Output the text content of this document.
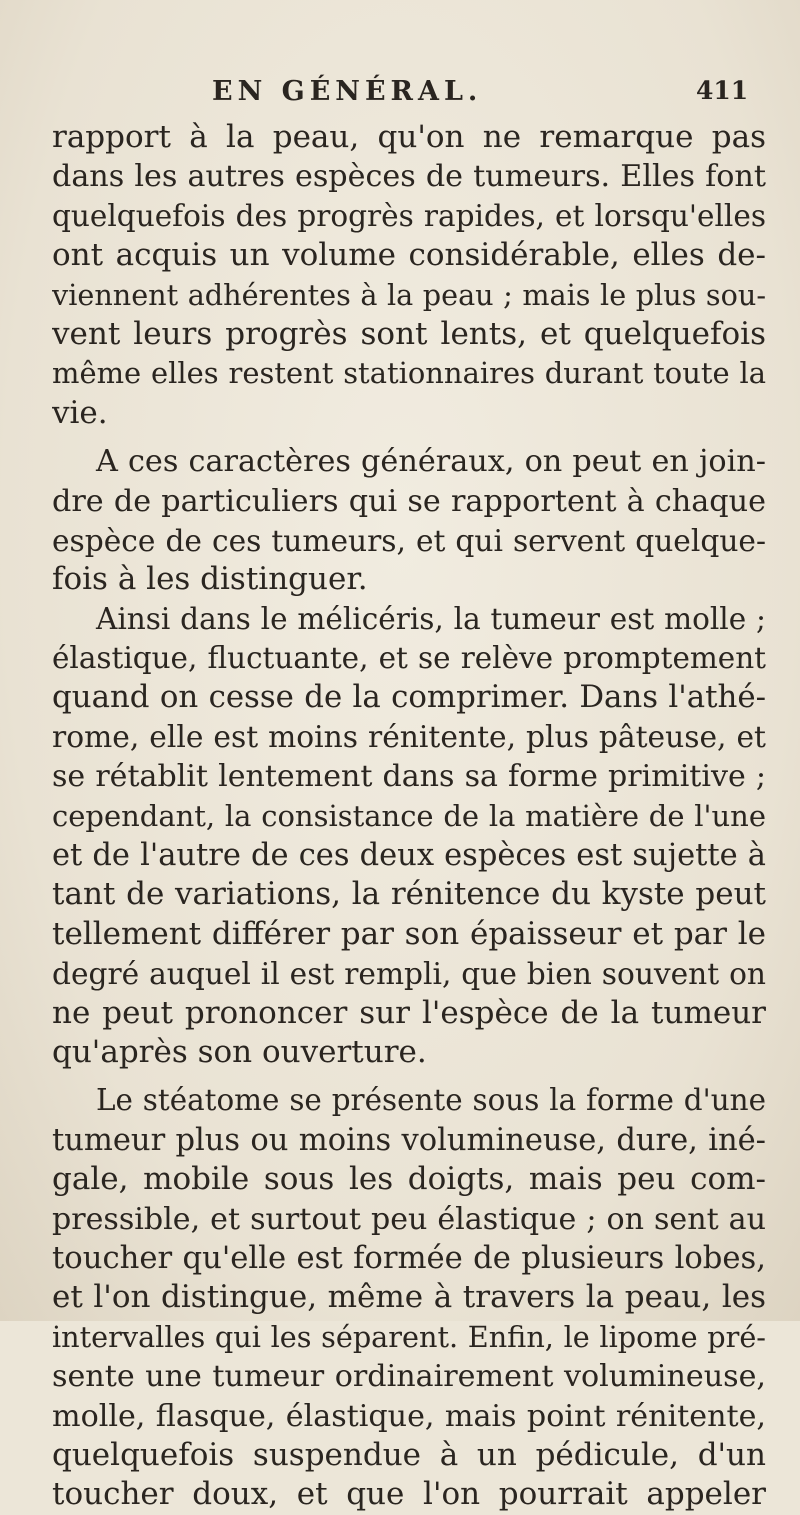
EN GÉNÉRAL.	411
rapport à la peau, qu'on ne remarque pas
dans les autres espèces de tumeurs. Elles font
quelquefois des progrès rapides, et lorsqu'elles
ont acquis un volume considérable, elles de-
viennent adhérentes à la peau ; mais le plus sou-
vent leurs progrès sont lents, et quelquefois
même elles restent stationnaires durant toute la
vie.
A ces caractères généraux, on peut en join-
dre de particuliers qui se rapportent à chaque
espèce de ces tumeurs, et qui servent quelque-
fois à les distinguer.
Ainsi dans le mélicéris, la tumeur est molle ;
élastique, fluctuante, et se relève promptement
quand on cesse de la comprimer. Dans l'athé-
rome, elle est moins rénitente, plus pâteuse, et
se rétablit lentement dans sa forme primitive ;
cependant, la consistance de la matière de l'une
et de l'autre de ces deux espèces est sujette à
tant de variations, la rénitence du kyste peut
tellement différer par son épaisseur et par le
degré auquel il est rempli, que bien souvent on
ne peut prononcer sur l'espèce de la tumeur
qu'après son ouverture.
Le stéatome se présente sous la forme d'une
tumeur plus ou moins volumineuse, dure, iné-
gale, mobile sous les doigts, mais peu com-
pressible, et surtout peu élastique ; on sent au
toucher qu'elle est formée de plusieurs lobes,
et l'on distingue, même à travers la peau, les
intervalles qui les séparent. Enfin, le lipome pré-
sente une tumeur ordinairement volumineuse,
molle, flasque, élastique, mais point rénitente,
quelquefois suspendue à un pédicule, d'un
toucher doux, et que l'on pourrait appeler
